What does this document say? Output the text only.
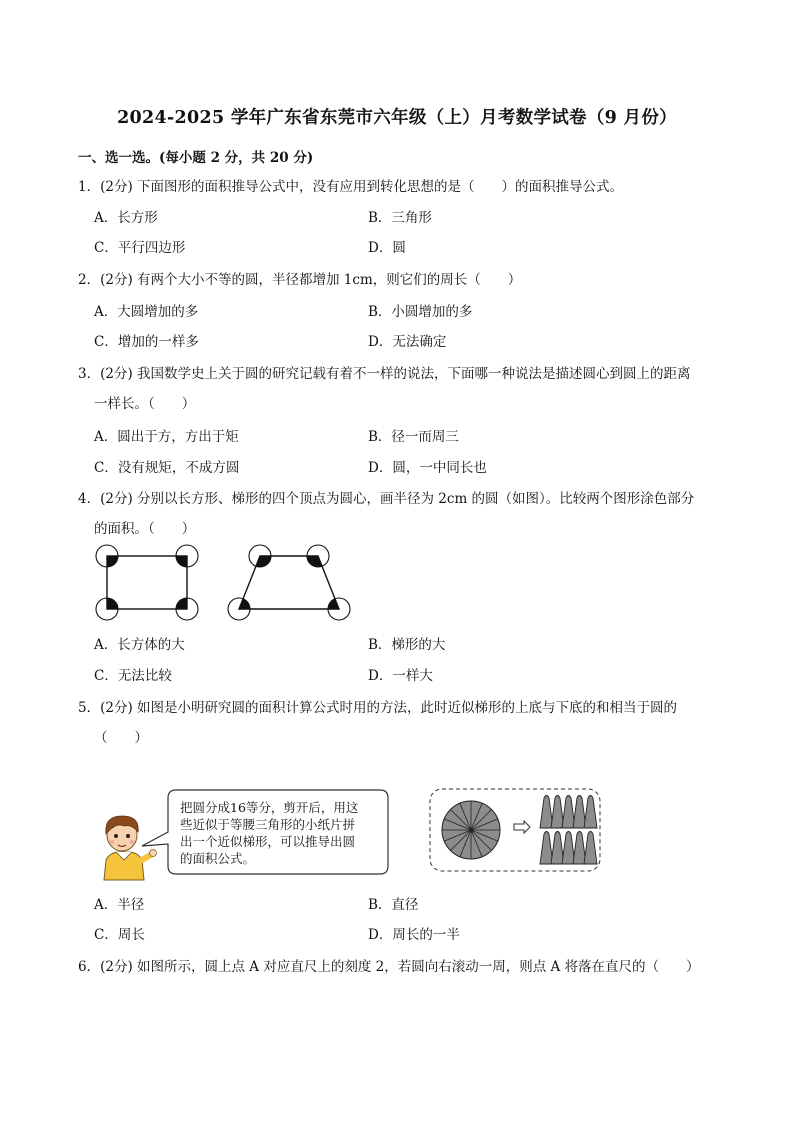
2024-2025 学年广东省东莞市六年级（上）月考数学试卷（9 月份）
一、选一选。(每小题 2 分，共 20 分)
1．(2分) 下面图形的面积推导公式中，没有应用到转化思想的是（　　）的面积推导公式。
A．长方形	B．三角形
C．平行四边形	D．圆
2．(2分) 有两个大小不等的圆，半径都增加 1cm，则它们的周长（　　）
A．大圆增加的多	B．小圆增加的多
C．增加的一样多	D．无法确定
3．(2分) 我国数学史上关于圆的研究记载有着不一样的说法，下面哪一种说法是描述圆心到圆上的距离
一样长。（　　）
A．圆出于方，方出于矩	B．径一而周三
C．没有规矩，不成方圆	D．圆，一中同长也
4．(2分) 分别以长方形、梯形的四个顶点为圆心，画半径为 2cm 的圆（如图）。比较两个图形涂色部分
的面积。（　　）
A．长方体的大	B．梯形的大
C．无法比较	D．一样大
5．(2分) 如图是小明研究圆的面积计算公式时用的方法，此时近似梯形的上底与下底的和相当于圆的
（　　）
把圆分成16等分，剪开后，用这
些近似于等腰三角形的小纸片拼
出一个近似梯形，可以推导出圆
的面积公式。
A．半径	B．直径
C．周长	D．周长的一半
6．(2分) 如图所示，圆上点 A 对应直尺上的刻度 2，若圆向右滚动一周，则点 A 将落在直尺的（　　）
